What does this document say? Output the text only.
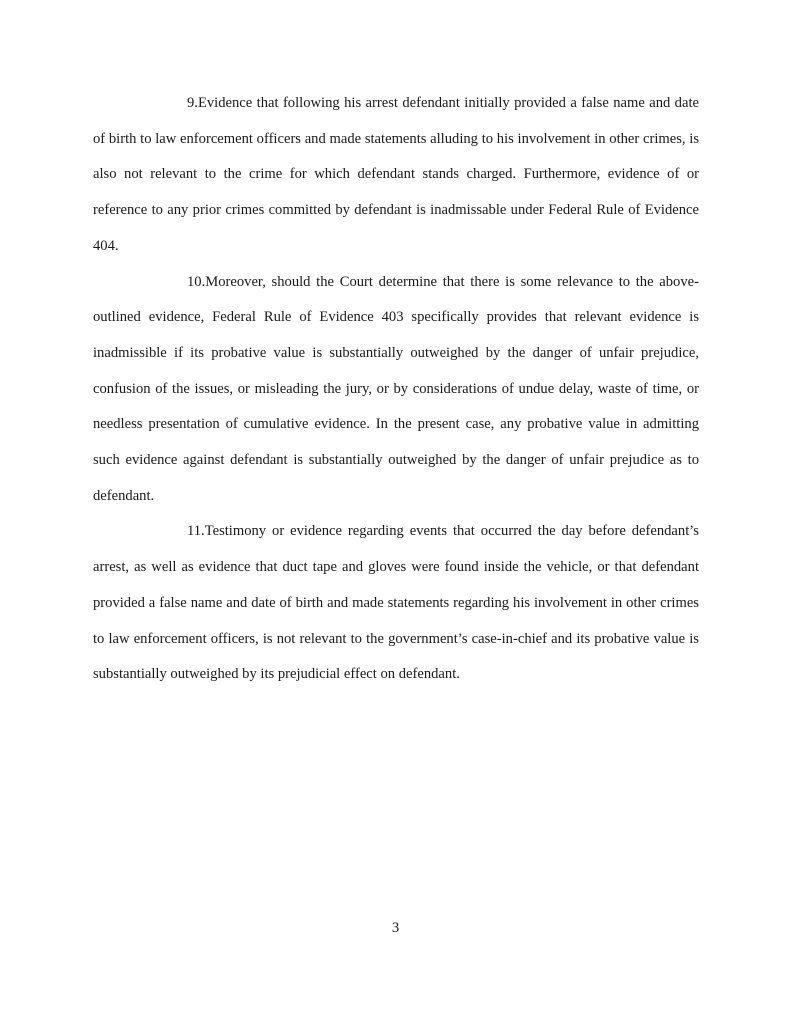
9.Evidence that following his arrest defendant initially provided a false name and date of birth to law enforcement officers and made statements alluding to his involvement in other crimes, is also not relevant to the crime for which defendant stands charged. Furthermore, evidence of or reference to any prior crimes committed by defendant is inadmissable under Federal Rule of Evidence 404.

10.Moreover, should the Court determine that there is some relevance to the above-outlined evidence, Federal Rule of Evidence 403 specifically provides that relevant evidence is inadmissible if its probative value is substantially outweighed by the danger of unfair prejudice, confusion of the issues, or misleading the jury, or by considerations of undue delay, waste of time, or needless presentation of cumulative evidence. In the present case, any probative value in admitting such evidence against defendant is substantially outweighed by the danger of unfair prejudice as to defendant.

11.Testimony or evidence regarding events that occurred the day before defendant’s arrest, as well as evidence that duct tape and gloves were found inside the vehicle, or that defendant provided a false name and date of birth and made statements regarding his involvement in other crimes to law enforcement officers, is not relevant to the government’s case-in-chief and its probative value is substantially outweighed by its prejudicial effect on defendant.

3
